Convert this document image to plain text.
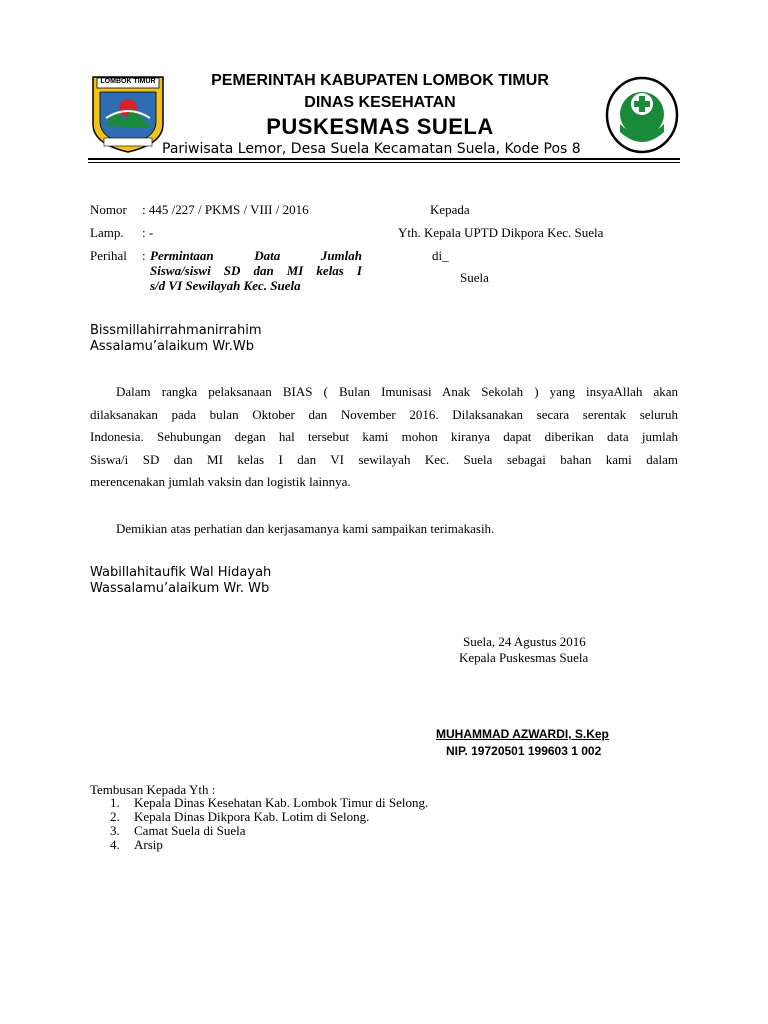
LOMBOK TIMUR	PEMERINTAH KABUPATEN LOMBOK TIMUR
DINAS KESEHATAN
PUSKESMAS SUELA
Pariwisata Lemor, Desa Suela Kecamatan Suela, Kode Pos 8
Nomor : 445 /227 / PKMS / VIII / 2016
Lamp. : -
Perihal : Permintaan Data Jumlah
Siswa/siswi SD dan MI kelas I
s/d VI Sewilayah Kec. Suela
Kepada
Yth. Kepala UPTD Dikpora Kec. Suela
di_
Suela
Bissmillahirrahmanirrahim
Assalamu’alaikum Wr.Wb
Dalam rangka pelaksanaan BIAS ( Bulan Imunisasi Anak Sekolah ) yang insyaAllah akan
dilaksanakan pada bulan Oktober dan November 2016. Dilaksanakan secara serentak seluruh
Indonesia. Sehubungan degan hal tersebut kami mohon kiranya dapat diberikan data jumlah
Siswa/i SD dan MI kelas I dan VI sewilayah Kec. Suela sebagai bahan kami dalam
merencenakan jumlah vaksin dan logistik lainnya.
Demikian atas perhatian dan kerjasamanya kami sampaikan terimakasih.
Wabillahitaufik Wal Hidayah
Wassalamu’alaikum Wr. Wb
Suela, 24 Agustus 2016
Kepala Puskesmas Suela
MUHAMMAD AZWARDI, S.Kep
NIP. 19720501 199603 1 002
Tembusan Kepada Yth :
1. Kepala Dinas Kesehatan Kab. Lombok Timur di Selong.
2. Kepala Dinas Dikpora Kab. Lotim di Selong.
3. Camat Suela di Suela
4. Arsip
